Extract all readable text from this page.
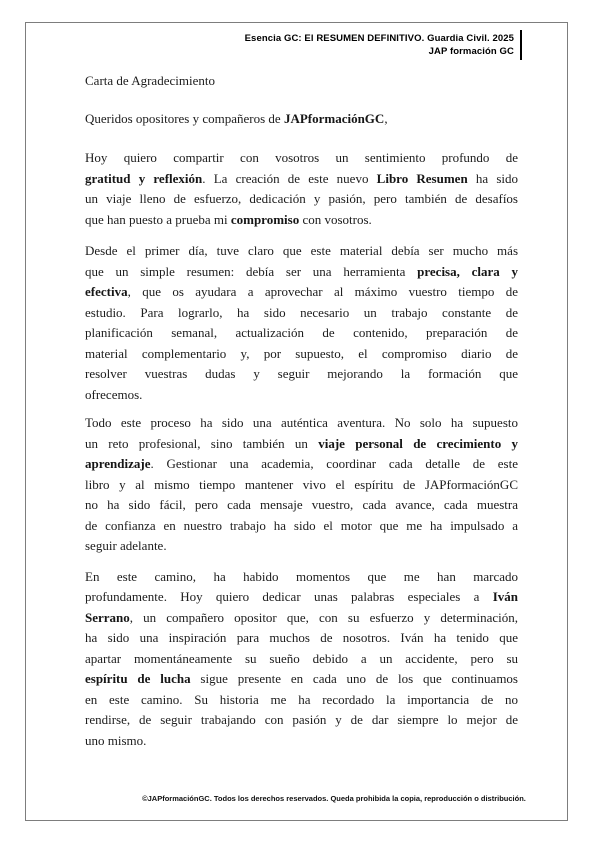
Esencia GC: El RESUMEN DEFINITIVO. Guardia Civil. 2025
JAP formación GC
Carta de Agradecimiento
Queridos opositores y compañeros de JAPformaciónGC,
Hoy quiero compartir con vosotros un sentimiento profundo de
gratitud y reflexión. La creación de este nuevo Libro Resumen ha sido
un viaje lleno de esfuerzo, dedicación y pasión, pero también de desafíos
que han puesto a prueba mi compromiso con vosotros.
Desde el primer día, tuve claro que este material debía ser mucho más
que un simple resumen: debía ser una herramienta precisa, clara y
efectiva, que os ayudara a aprovechar al máximo vuestro tiempo de
estudio. Para lograrlo, ha sido necesario un trabajo constante de
planificación semanal, actualización de contenido, preparación de
material complementario y, por supuesto, el compromiso diario de
resolver vuestras dudas y seguir mejorando la formación que
ofrecemos.
Todo este proceso ha sido una auténtica aventura. No solo ha supuesto
un reto profesional, sino también un viaje personal de crecimiento y
aprendizaje. Gestionar una academia, coordinar cada detalle de este
libro y al mismo tiempo mantener vivo el espíritu de JAPformaciónGC
no ha sido fácil, pero cada mensaje vuestro, cada avance, cada muestra
de confianza en nuestro trabajo ha sido el motor que me ha impulsado a
seguir adelante.
En este camino, ha habido momentos que me han marcado
profundamente. Hoy quiero dedicar unas palabras especiales a Iván
Serrano, un compañero opositor que, con su esfuerzo y determinación,
ha sido una inspiración para muchos de nosotros. Iván ha tenido que
apartar momentáneamente su sueño debido a un accidente, pero su
espíritu de lucha sigue presente en cada uno de los que continuamos
en este camino. Su historia me ha recordado la importancia de no
rendirse, de seguir trabajando con pasión y de dar siempre lo mejor de
uno mismo.
©JAPformaciónGC. Todos los derechos reservados. Queda prohibida la copia, reproducción o distribución.
